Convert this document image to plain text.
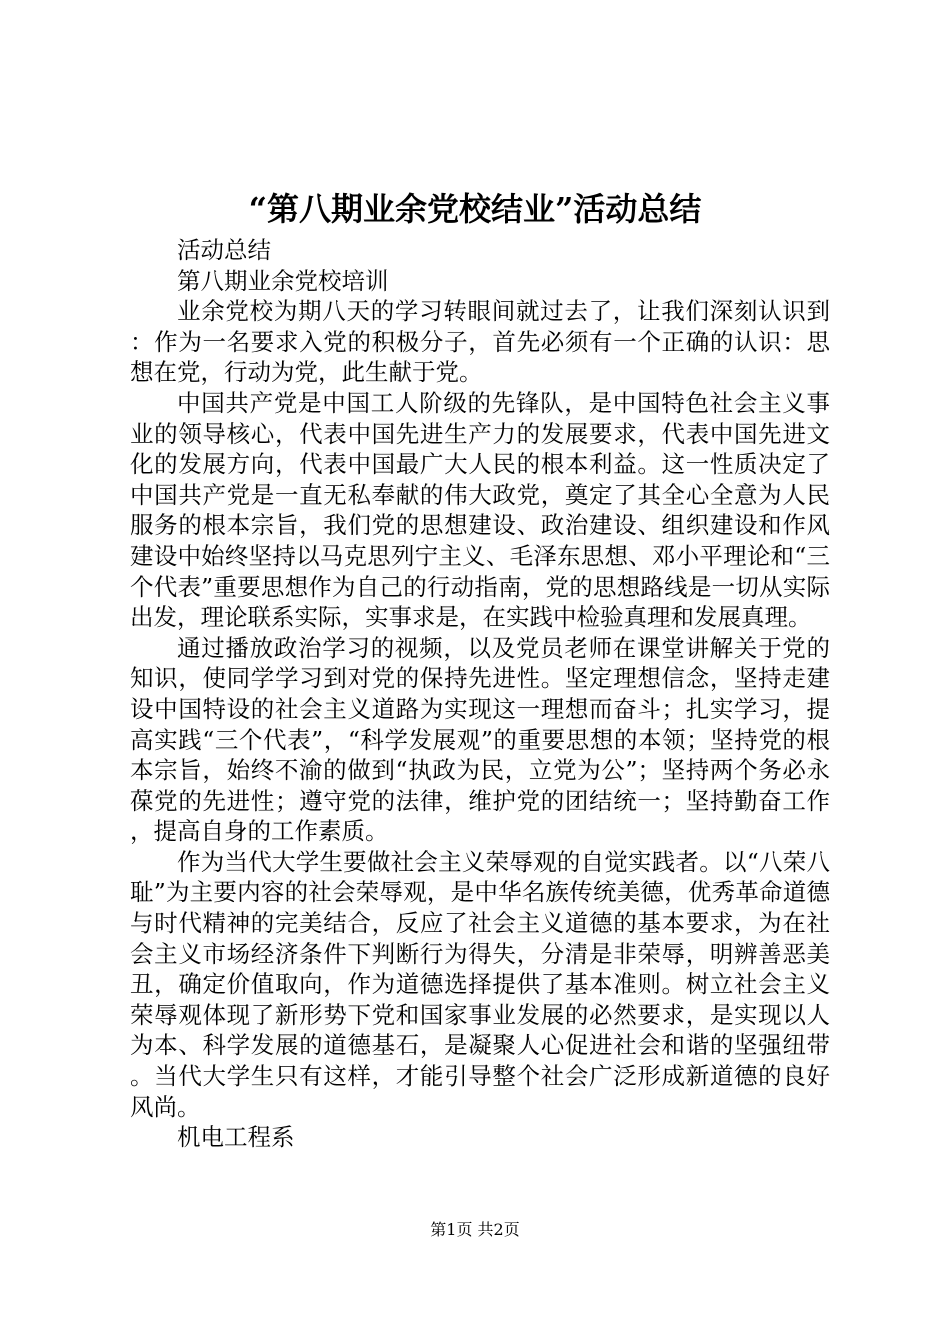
“第八期业余党校结业”活动总结

活动总结

第八期业余党校培训

业余党校为期八天的学习转眼间就过去了，让我们深刻认识到：作为一名要求入党的积极分子，首先必须有一个正确的认识：思想在党，行动为党，此生献于党。

中国共产党是中国工人阶级的先锋队，是中国特色社会主义事业的领导核心，代表中国先进生产力的发展要求，代表中国先进文化的发展方向，代表中国最广大人民的根本利益。这一性质决定了中国共产党是一直无私奉献的伟大政党，奠定了其全心全意为人民服务的根本宗旨，我们党的思想建设、政治建设、组织建设和作风建设中始终坚持以马克思列宁主义、毛泽东思想、邓小平理论和“三个代表”重要思想作为自己的行动指南，党的思想路线是一切从实际出发，理论联系实际，实事求是，在实践中检验真理和发展真理。

通过播放政治学习的视频，以及党员老师在课堂讲解关于党的知识，使同学学习到对党的保持先进性。坚定理想信念，坚持走建设中国特设的社会主义道路为实现这一理想而奋斗；扎实学习，提高实践“三个代表”，“科学发展观”的重要思想的本领；坚持党的根本宗旨，始终不渝的做到“执政为民，立党为公”；坚持两个务必永葆党的先进性；遵守党的法律，维护党的团结统一；坚持勤奋工作，提高自身的工作素质。

作为当代大学生要做社会主义荣辱观的自觉实践者。以“八荣八耻”为主要内容的社会荣辱观，是中华名族传统美德，优秀革命道德与时代精神的完美结合，反应了社会主义道德的基本要求，为在社会主义市场经济条件下判断行为得失，分清是非荣辱，明辨善恶美丑，确定价值取向，作为道德选择提供了基本准则。树立社会主义荣辱观体现了新形势下党和国家事业发展的必然要求，是实现以人为本、科学发展的道德基石，是凝聚人心促进社会和谐的坚强纽带。当代大学生只有这样，才能引导整个社会广泛形成新道德的良好风尚。

机电工程系

第1页 共2页
